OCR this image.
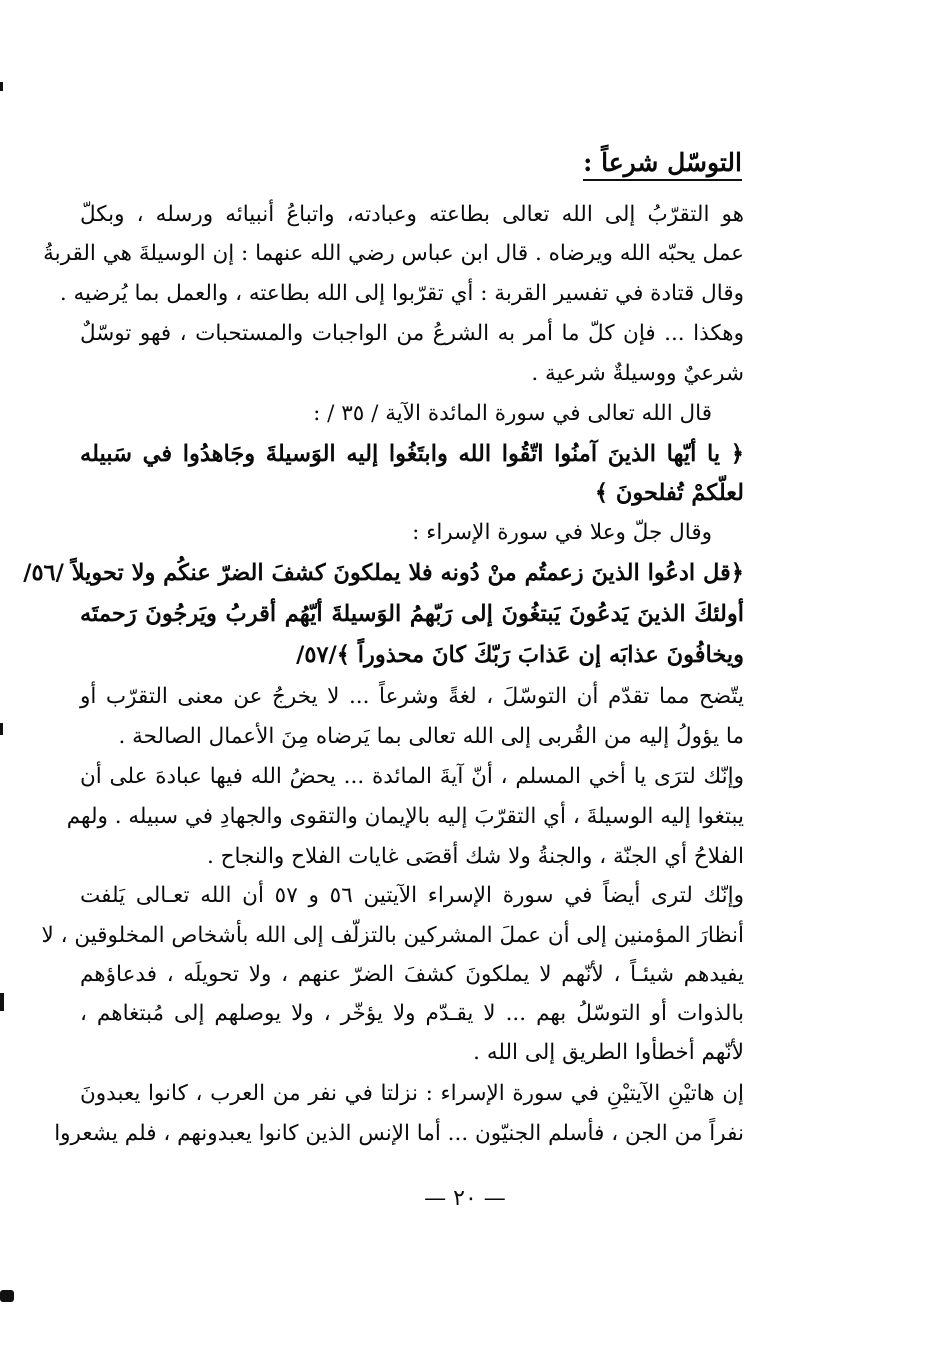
التوسّل شرعاً :
هو التقرّبُ إلى الله تعالى بطاعته وعبادته، واتباعُ أنبيائه ورسله ، وبكلّ
عمل يحبّه الله ويرضاه . قال ابن عباس رضي الله عنهما : إن الوسيلةَ هي القربةُ
وقال قتادة في تفسير القربة : أي تقرّبوا إلى الله بطاعته ، والعمل بما يُرضيه .
وهكذا ... فإن كلّ ما أمر به الشرعُ من الواجبات والمستحبات ، فهو توسّلٌ
شرعيٌ ووسيلةٌ شرعية .
قال الله تعالى في سورة المائدة الآية / ٣٥ / :
﴿ يا أيّها الذينَ آمنُوا اتّقُوا الله وابتَغُوا إليه الوَسيلةَ وجَاهدُوا في سَبيله
لعلّكمْ تُفلحونَ ﴾
وقال جلّ وعلا في سورة الإسراء :
﴿قل ادعُوا الذينَ زعمتُم منْ دُونه فلا يملكونَ كشفَ الضرّ عنكُم ولا تحويلاً /٥٦/
أولئكَ الذينَ يَدعُونَ يَبتغُونَ إلى رَبّهمُ الوَسيلةَ أيّهُم أقربُ ويَرجُونَ رَحمتَه
ويخافُونَ عذابَه إن عَذابَ رَبّكَ كانَ محذوراً ﴾/٥٧/
يتّضح مما تقدّم أن التوسّلَ ، لغةً وشرعاً ... لا يخرجُ عن معنى التقرّب أو
ما يؤولُ إليه من القُربى إلى الله تعالى بما يَرضاه مِنَ الأعمال الصالحة .
وإنّك لترَى يا أخي المسلم ، أنّ آيةَ المائدة ... يحضُ الله فيها عبادهَ على أن
يبتغوا إليه الوسيلةَ ، أي التقرّبَ إليه بالإيمان والتقوى والجهادِ في سبيله . ولهم
الفلاحُ أي الجنّة ، والجنةُ ولا شك أقصَى غايات الفلاح والنجاح .
وإنّك لترى أيضاً في سورة الإسراء الآيتين ٥٦ و ٥٧ أن الله تعـالى يَلفت
أنظارَ المؤمنين إلى أن عملَ المشركين بالتزلّف إلى الله بأشخاص المخلوقين ، لا
يفيدهم شيئـاً ، لأنّهم لا يملكونَ كشفَ الضرّ عنهم ، ولا تحويلَه ، فدعاؤهم
بالذوات أو التوسّلُ بهم ... لا يقـدّم ولا يؤخّر ، ولا يوصلهم إلى مُبتغاهم ،
لأنّهم أخطأوا الطريق إلى الله .
إن هاتيْنِ الآيتيْنِ في سورة الإسراء : نزلتا في نفر من العرب ، كانوا يعبدونَ
نفراً من الجن ، فأسلم الجنيّون ... أما الإنس الذين كانوا يعبدونهم ، فلم يشعروا
— ٢٠ —
